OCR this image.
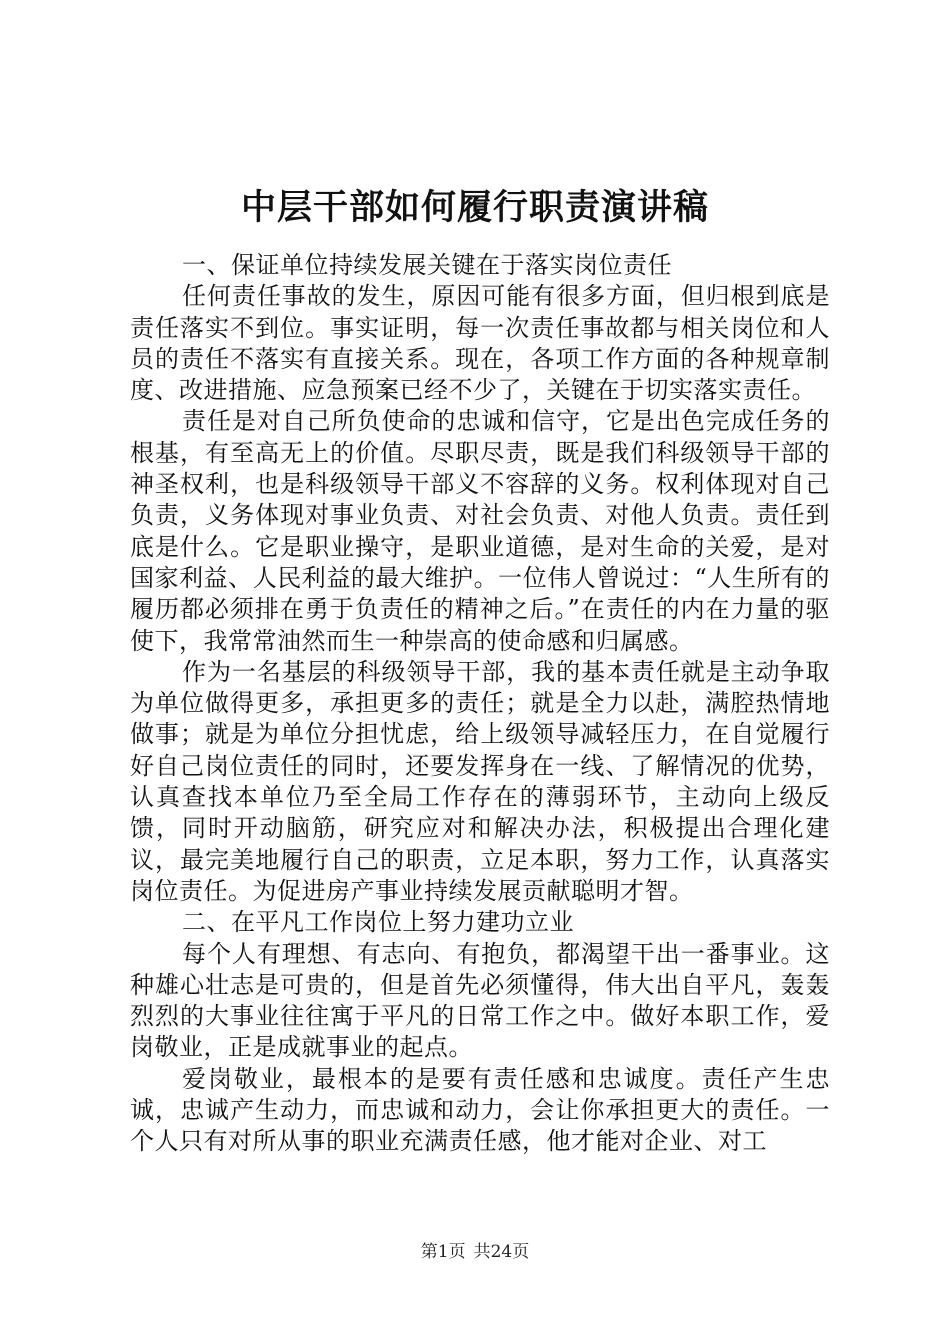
中层干部如何履行职责演讲稿

一、保证单位持续发展关键在于落实岗位责任

任何责任事故的发生，原因可能有很多方面，但归根到底是责任落实不到位。事实证明，每一次责任事故都与相关岗位和人员的责任不落实有直接关系。现在，各项工作方面的各种规章制度、改进措施、应急预案已经不少了，关键在于切实落实责任。

责任是对自己所负使命的忠诚和信守，它是出色完成任务的根基，有至高无上的价值。尽职尽责，既是我们科级领导干部的神圣权利，也是科级领导干部义不容辞的义务。权利体现对自己负责，义务体现对事业负责、对社会负责、对他人负责。责任到底是什么。它是职业操守，是职业道德，是对生命的关爱，是对国家利益、人民利益的最大维护。一位伟人曾说过：“人生所有的履历都必须排在勇于负责任的精神之后。”在责任的内在力量的驱使下，我常常油然而生一种崇高的使命感和归属感。

作为一名基层的科级领导干部，我的基本责任就是主动争取为单位做得更多，承担更多的责任；就是全力以赴，满腔热情地做事；就是为单位分担忧虑，给上级领导减轻压力，在自觉履行好自己岗位责任的同时，还要发挥身在一线、了解情况的优势，认真查找本单位乃至全局工作存在的薄弱环节，主动向上级反馈，同时开动脑筋，研究应对和解决办法，积极提出合理化建议，最完美地履行自己的职责，立足本职，努力工作，认真落实岗位责任。为促进房产事业持续发展贡献聪明才智。

二、在平凡工作岗位上努力建功立业

每个人有理想、有志向、有抱负，都渴望干出一番事业。这种雄心壮志是可贵的，但是首先必须懂得，伟大出自平凡，轰轰烈烈的大事业往往寓于平凡的日常工作之中。做好本职工作，爱岗敬业，正是成就事业的起点。

爱岗敬业，最根本的是要有责任感和忠诚度。责任产生忠诚，忠诚产生动力，而忠诚和动力，会让你承担更大的责任。一个人只有对所从事的职业充满责任感，他才能对企业、对工

第1页 共24页
